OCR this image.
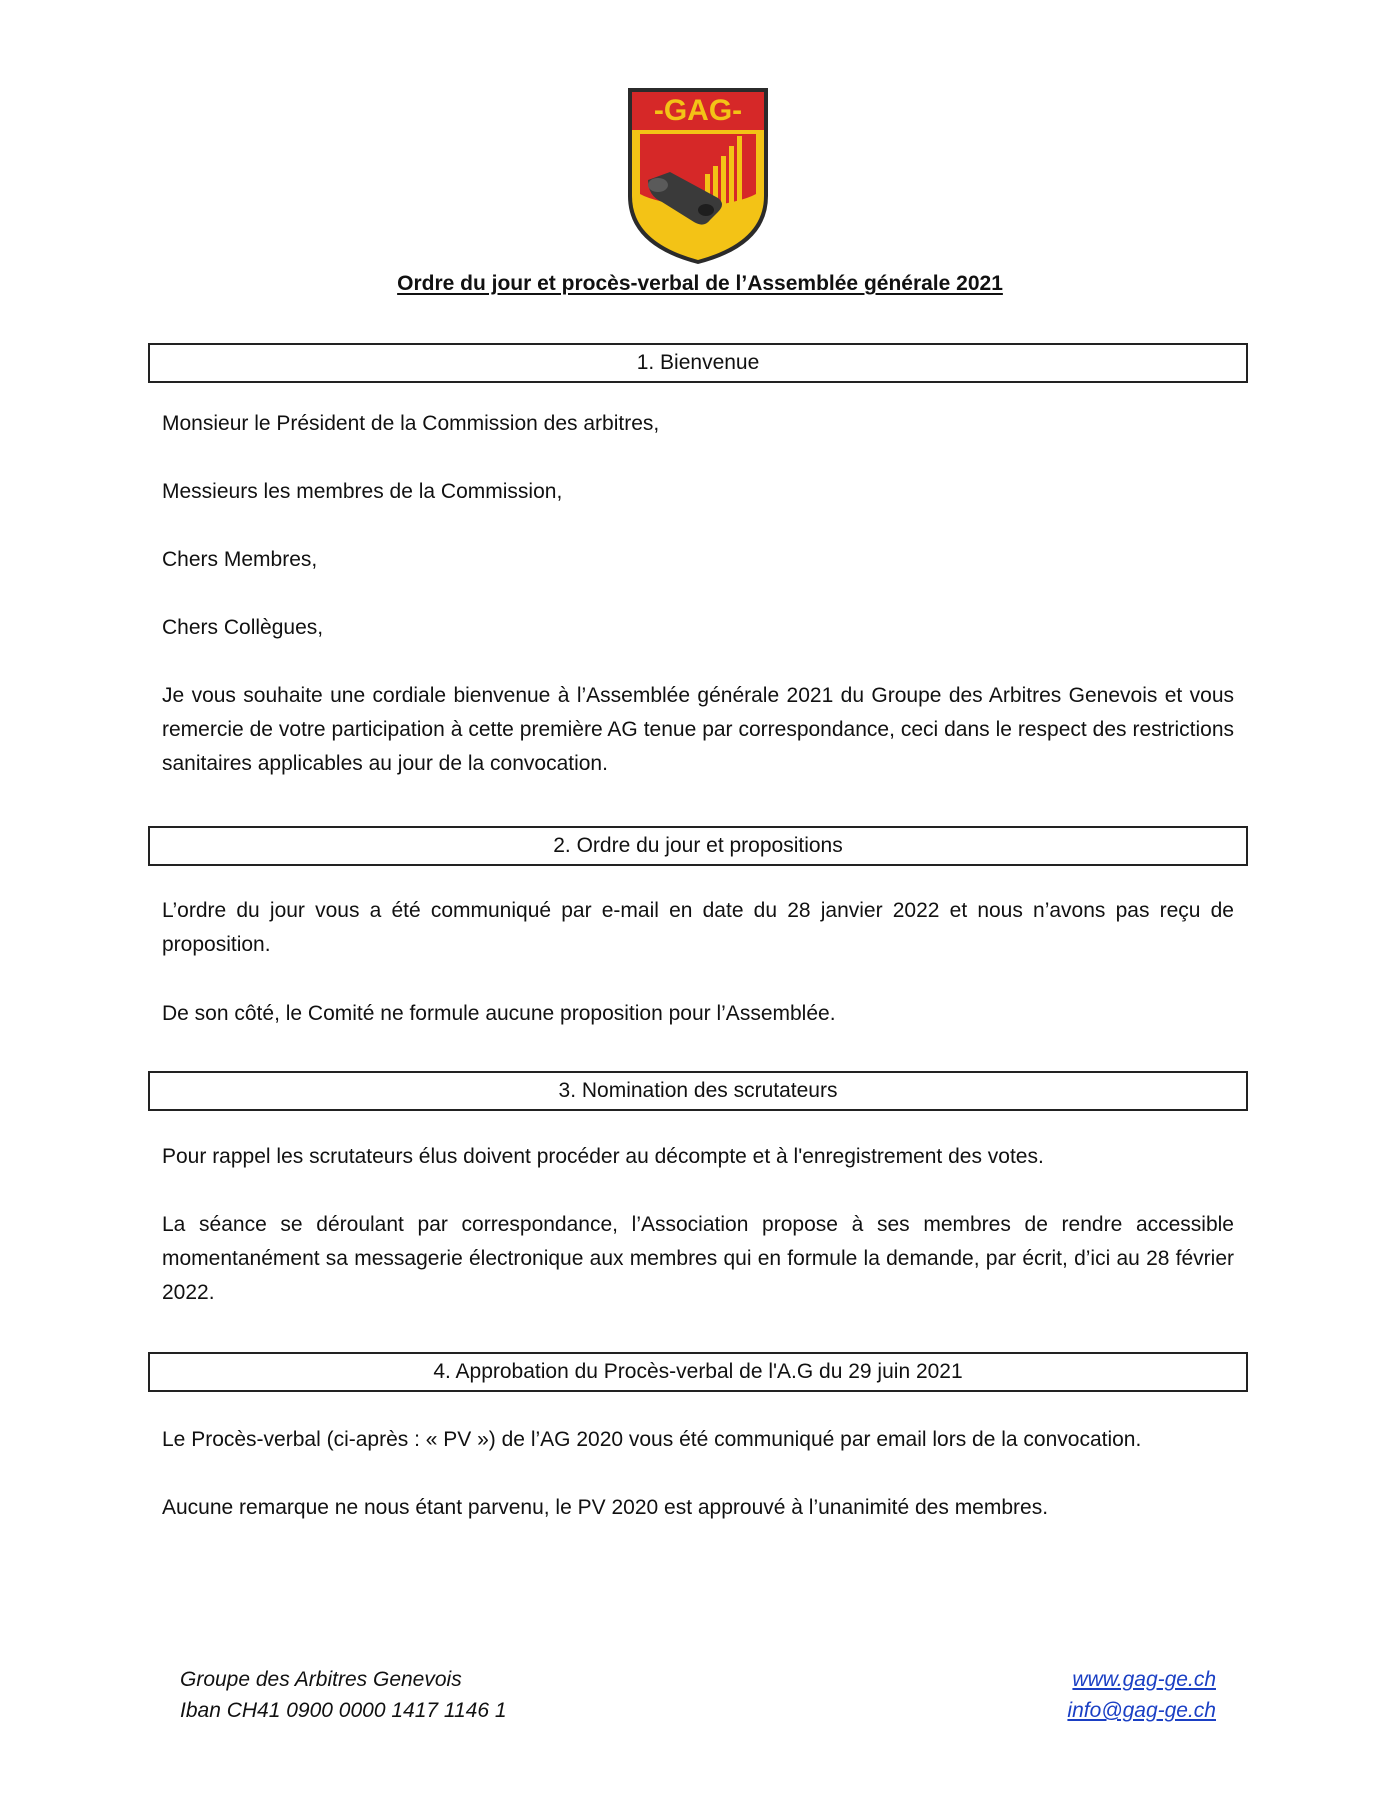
-GAG-
Ordre du jour et procès-verbal de l’Assemblée générale 2021
1. Bienvenue

Monsieur le Président de la Commission des arbitres,

Messieurs les membres de la Commission,

Chers Membres,

Chers Collègues,

Je vous souhaite une cordiale bienvenue à l’Assemblée générale 2021 du Groupe des Arbitres Genevois et vous remercie de votre participation à cette première AG tenue par correspondance, ceci dans le respect des restrictions sanitaires applicables au jour de la convocation.

2. Ordre du jour et propositions

L’ordre du jour vous a été communiqué par e-mail en date du 28 janvier 2022 et nous n’avons pas reçu de proposition.

De son côté, le Comité ne formule aucune proposition pour l’Assemblée.

3. Nomination des scrutateurs

Pour rappel les scrutateurs élus doivent procéder au décompte et à l'enregistrement des votes.

La séance se déroulant par correspondance, l’Association propose à ses membres de rendre accessible momentanément sa messagerie électronique aux membres qui en formule la demande, par écrit, d’ici au 28 février 2022.

4. Approbation du Procès-verbal de l'A.G du 29 juin 2021

Le Procès-verbal (ci-après : « PV ») de l’AG 2020 vous été communiqué par email lors de la convocation.

Aucune remarque ne nous étant parvenu, le PV 2020 est approuvé à l’unanimité des membres.

Groupe des Arbitres Genevois
Iban CH41 0900 0000 1417 1146 1
www.gag-ge.ch
info@gag-ge.ch
